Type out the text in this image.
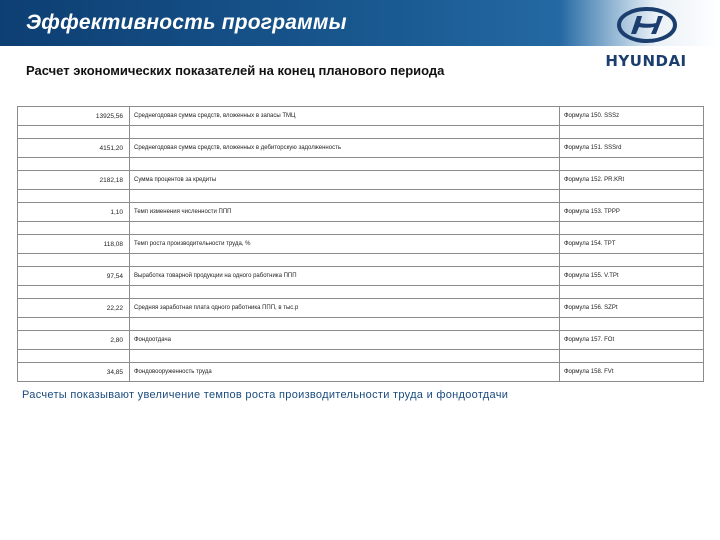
Эффективность программы
HYUNDAI
Расчет экономических показателей на конец планового периода
13925,56	Среднегодовая сумма средств, вложенных в запасы ТМЦ	Формула 150. SSSz

4151,20	Среднегодовая сумма средств, вложенных в дебиторскую задолженность	Формула 151. SSSrd

2182,18	Сумма процентов за кредиты	Формула 152. PR.KRt

1,10	Темп изменения численности ППП	Формула 153. TPPP

118,08	Темп роста производительности труда, %	Формула 154. TPT

97,54	Выработка товарной продукции на одного работника ППП	Формула 155. V.TPt

22,22	Средняя заработная плата одного работника ППП, в тыс.р	Формула 156. SZPt

2,80	Фондоотдача	Формула 157. FOt

34,85	Фондовооруженность труда	Формула 158. FVt
Расчеты показывают увеличение темпов роста производительности труда и фондоотдачи
